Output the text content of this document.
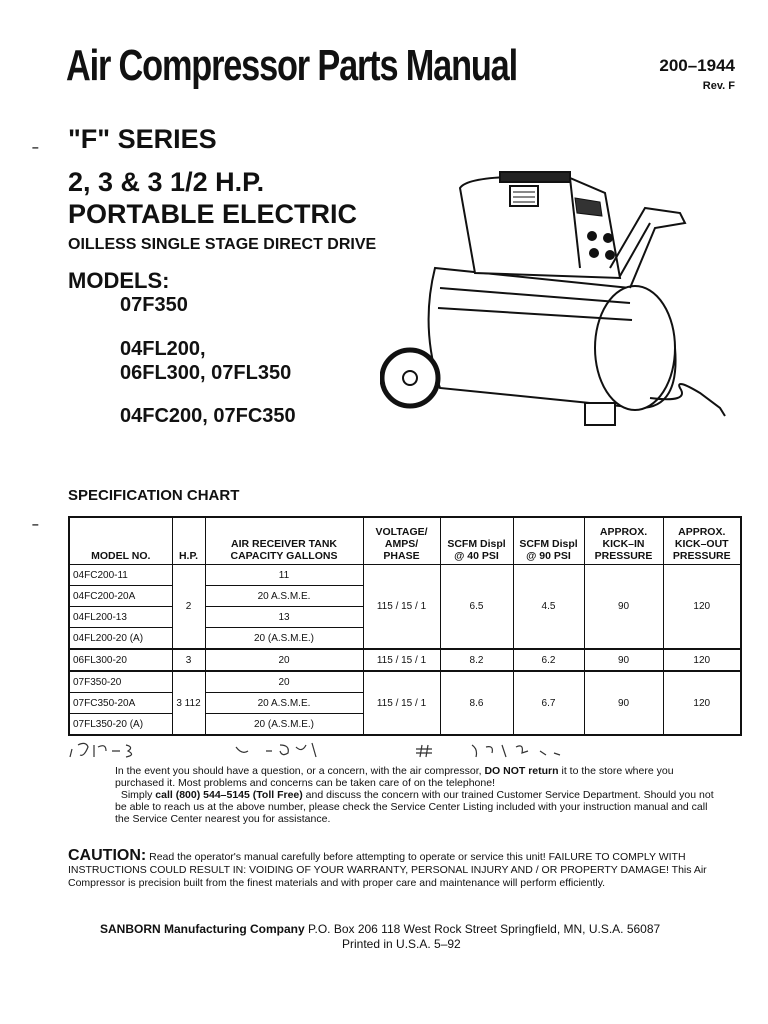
Air Compressor Parts Manual	200–1944
Rev. F
–
–
"F" SERIES
2, 3 & 3 1/2 H.P.
PORTABLE ELECTRIC
OILLESS SINGLE STAGE DIRECT DRIVE
MODELS:
07F350
04FL200,
06FL300, 07FL350
04FC200, 07FC350
SPECIFICATION CHART
MODEL NO.	H.P.	AIR RECEIVER TANK CAPACITY GALLONS	VOLTAGE/ AMPS/ PHASE	SCFM Displ @ 40 PSI	SCFM Displ @ 90 PSI	APPROX. KICK–IN PRESSURE	APPROX. KICK–OUT PRESSURE
04FC200-11	2	11	115 / 15 / 1	6.5	4.5	90	120
04FC200-20A		20 A.S.M.E.					
04FL200-13		13					
04FL200-20 (A)		20 (A.S.M.E.)					
06FL300-20	3	20	115 / 15 / 1	8.2	6.2	90	120
07F350-20	3 112	20	115 / 15 / 1	8.6	6.7	90	120
07FC350-20A		20 A.S.M.E.					
07FL350-20 (A)		20 (A.S.M.E.)					
In the event you should have a question, or a concern, with the air compressor, DO NOT return it to the store where you purchased it. Most problems and concerns can be taken care of on the telephone!
Simply call (800) 544–5145 (Toll Free) and discuss the concern with our trained Customer Service Department. Should you not be able to reach us at the above number, please check the Service Center Listing included with your instruction manual and call the Service Center nearest you for assistance.
CAUTION: Read the operator's manual carefully before attempting to operate or service this unit! FAILURE TO COMPLY WITH INSTRUCTIONS COULD RESULT IN: VOIDING OF YOUR WARRANTY, PERSONAL INJURY AND / OR PROPERTY DAMAGE! This Air Compressor is precision built from the finest materials and with proper care and maintenance will perform efficiently.
SANBORN Manufacturing Company P.O. Box 206 118 West Rock Street Springfield, MN, U.S.A. 56087
Printed in U.S.A. 5–92
